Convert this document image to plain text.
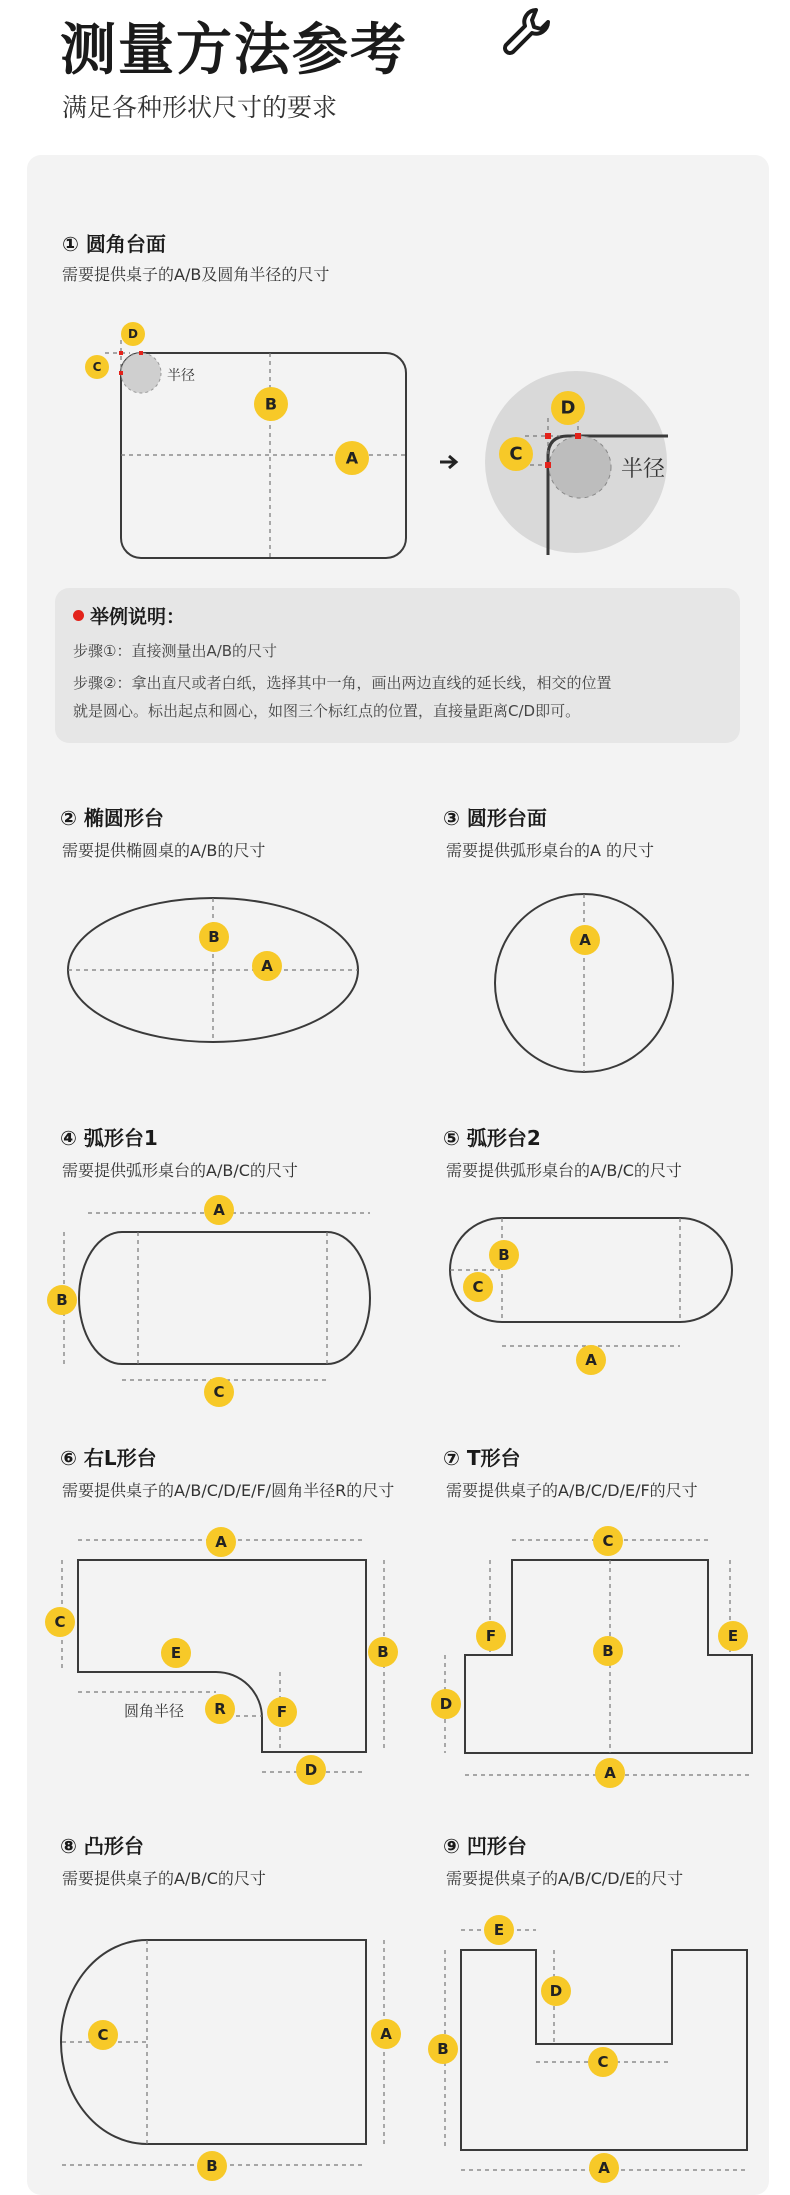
测量方法参考
满足各种形状尺寸的要求
① 圆角台面
需要提供桌子的A/B及圆角半径的尺寸
举例说明：
步骤①：直接测量出A/B的尺寸
步骤②：拿出直尺或者白纸，选择其中一角，画出两边直线的延长线，相交的位置
就是圆心。标出起点和圆心，如图三个标红点的位置，直接量距离C/D即可。
② 椭圆形台
需要提供椭圆桌的A/B的尺寸
③ 圆形台面
需要提供弧形桌台的A 的尺寸
④ 弧形台1
需要提供弧形桌台的A/B/C的尺寸
⑤ 弧形台2
需要提供弧形桌台的A/B/C的尺寸
⑥ 右L形台
需要提供桌子的A/B/C/D/E/F/圆角半径R的尺寸
⑦ T形台
需要提供桌子的A/B/C/D/E/F的尺寸
⑧ 凸形台
需要提供桌子的A/B/C的尺寸
⑨ 凹形台
需要提供桌子的A/B/C/D/E的尺寸
半径
D
C
B
A	半径
D
C
B
A
A
A
B
C
B
C
A
圆角半径
A
C
B
E
R	F
D
C
F	E
B
D
A
C	A
B
E
D
B
C
A
